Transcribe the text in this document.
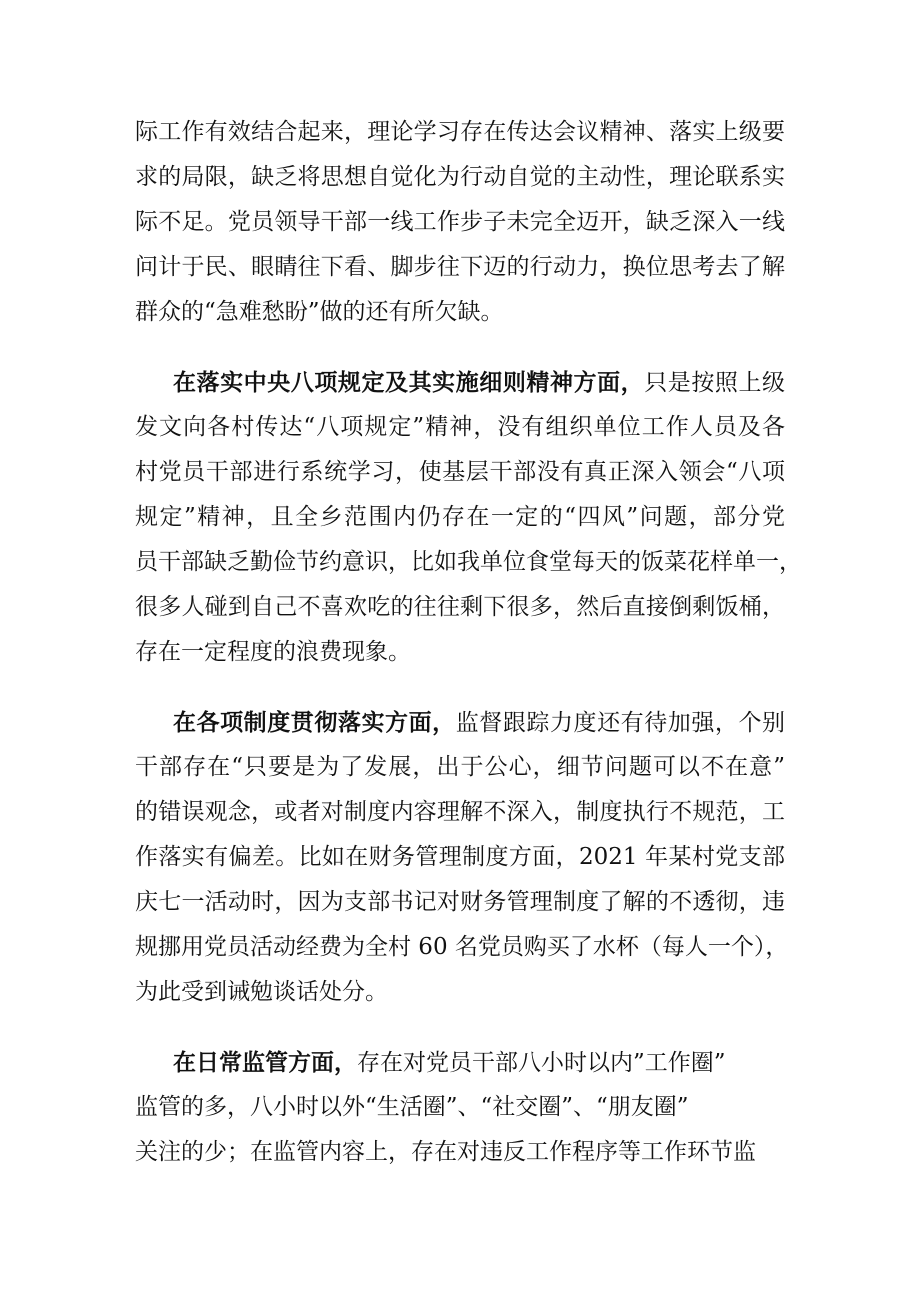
际工作有效结合起来，理论学习存在传达会议精神、落实上级要
求的局限，缺乏将思想自觉化为行动自觉的主动性，理论联系实
际不足。党员领导干部一线工作步子未完全迈开，缺乏深入一线
问计于民、眼睛往下看、脚步往下迈的行动力，换位思考去了解
群众的“急难愁盼”做的还有所欠缺。
在落实中央八项规定及其实施细则精神方面，只是按照上级
发文向各村传达“八项规定”精神，没有组织单位工作人员及各
村党员干部进行系统学习，使基层干部没有真正深入领会“八项
规定”精神，且全乡范围内仍存在一定的“四风”问题，部分党
员干部缺乏勤俭节约意识，比如我单位食堂每天的饭菜花样单一，
很多人碰到自己不喜欢吃的往往剩下很多，然后直接倒剩饭桶，
存在一定程度的浪费现象。
在各项制度贯彻落实方面，监督跟踪力度还有待加强，个别
干部存在“只要是为了发展，出于公心，细节问题可以不在意”
的错误观念，或者对制度内容理解不深入，制度执行不规范，工
作落实有偏差。比如在财务管理制度方面，2021 年某村党支部
庆七一活动时，因为支部书记对财务管理制度了解的不透彻，违
规挪用党员活动经费为全村 60 名党员购买了水杯（每人一个），
为此受到诫勉谈话处分。
在日常监管方面，存在对党员干部八小时以内”工作圈”
监管的多，八小时以外“生活圈”、“社交圈”、“朋友圈”
关注的少；在监管内容上，存在对违反工作程序等工作环节监
